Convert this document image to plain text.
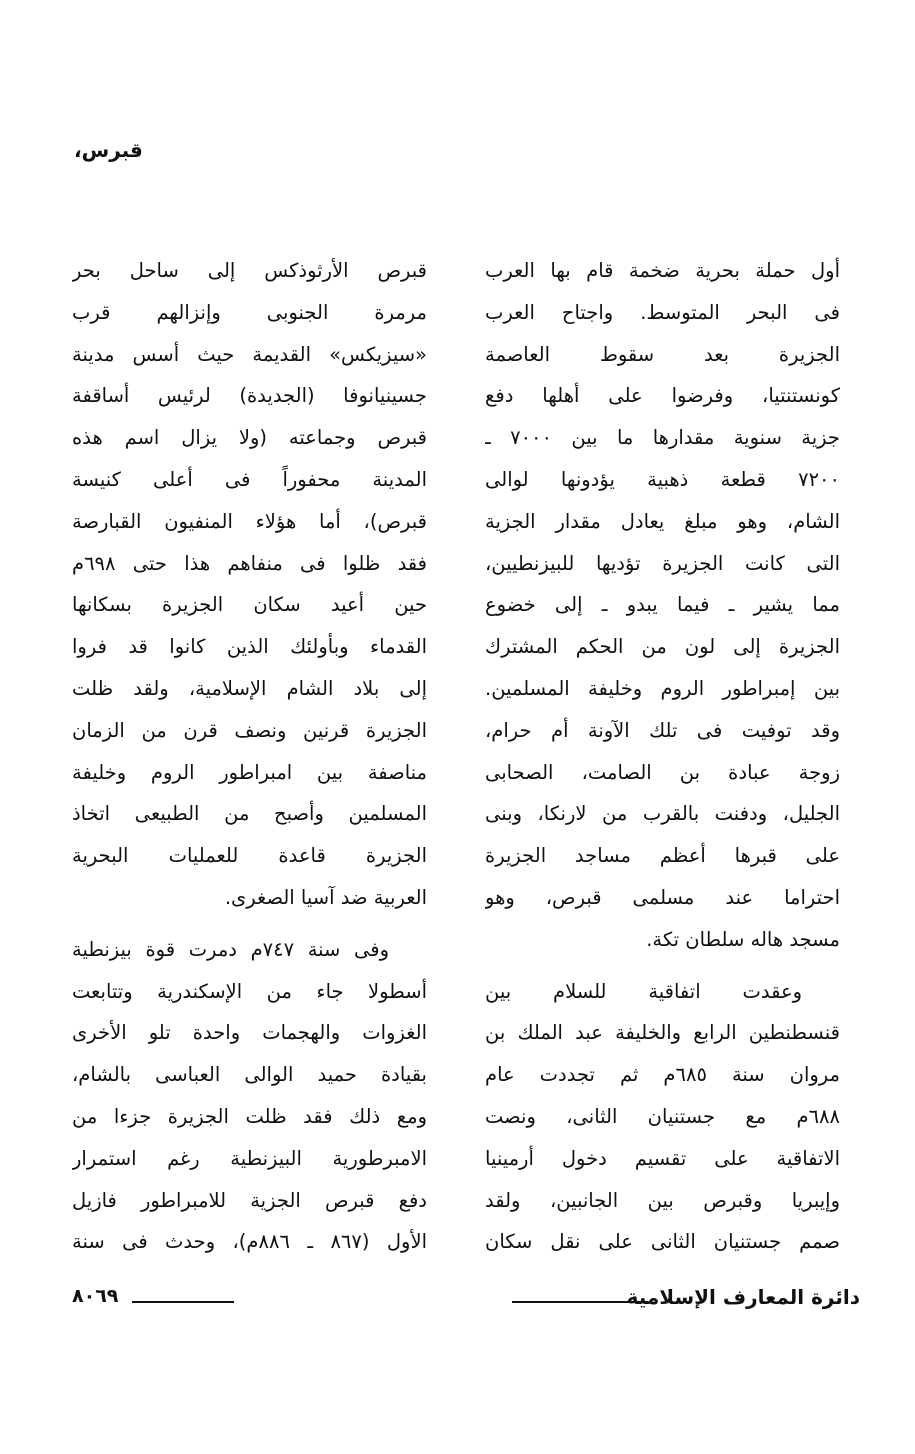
قبرس،

أول حملة بحرية ضخمة قام بها العرب
فى البحر المتوسط. واجتاح العرب
الجزيرة بعد سقوط العاصمة
كونستنتيا، وفرضوا على أهلها دفع
جزية سنوية مقدارها ما بين ٧٠٠٠ ـ
٧٢٠٠ قطعة ذهبية يؤدونها لوالى
الشام، وهو مبلغ يعادل مقدار الجزية
التى كانت الجزيرة تؤديها للبيزنطيين،
مما يشير ـ فيما يبدو ـ إلى خضوع
الجزيرة إلى لون من الحكم المشترك
بين إمبراطور الروم وخليفة المسلمين.
وقد توفيت فى تلك الآونة أم حرام،
زوجة عبادة بن الصامت، الصحابى
الجليل، ودفنت بالقرب من لارنكا، وبنى
على قبرها أعظم مساجد الجزيرة
احتراما عند مسلمى قبرص، وهو
مسجد هاله سلطان تكة.

وعقدت اتفاقية للسلام بين
قنسطنطين الرابع والخليفة عبد الملك بن
مروان سنة ٦٨٥م ثم تجددت عام
٦٨٨م مع جستنيان الثانى، ونصت
الاتفاقية على تقسيم دخول أرمينيا
وإيبريا وقبرص بين الجانبين، ولقد
صمم جستنيان الثانى على نقل سكان

قبرص الأرثوذكس إلى ساحل بحر
مرمرة الجنوبى وإنزالهم قرب
«سيزيكس» القديمة حيث أسس مدينة
جسينيانوفا (الجديدة) لرئيس أساقفة
قبرص وجماعته (ولا يزال اسم هذه
المدينة محفوراً فى أعلى كنيسة
قبرص)، أما هؤلاء المنفيون القبارصة
فقد ظلوا فى منفاهم هذا حتى ٦٩٨م
حين أعيد سكان الجزيرة بسكانها
القدماء وبأولئك الذين كانوا قد فروا
إلى بلاد الشام الإسلامية، ولقد ظلت
الجزيرة قرنين ونصف قرن من الزمان
مناصفة بين امبراطور الروم وخليفة
المسلمين وأصبح من الطبيعى اتخاذ
الجزيرة قاعدة للعمليات البحرية
العربية ضد آسيا الصغرى.

وفى سنة ٧٤٧م دمرت قوة بيزنطية
أسطولا جاء من الإسكندرية وتتابعت
الغزوات والهجمات واحدة تلو الأخرى
بقيادة حميد الوالى العباسى بالشام،
ومع ذلك فقد ظلت الجزيرة جزءا من
الامبرطورية البيزنطية رغم استمرار
دفع قبرص الجزية للامبراطور فازيل
الأول (٨٦٧ ـ ٨٨٦م)، وحدث فى سنة

دائرة المعارف الإسلامية
٨٠٦٩
